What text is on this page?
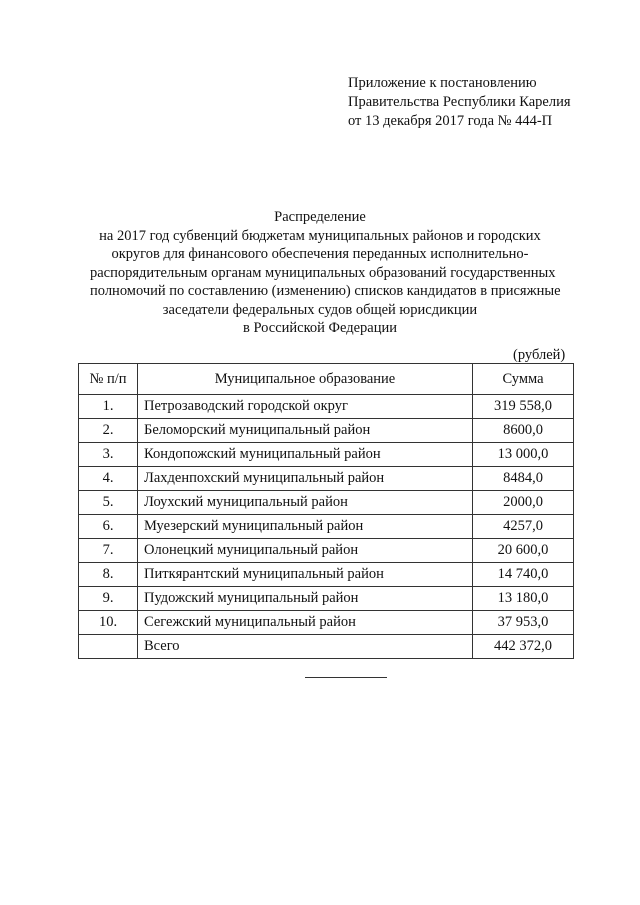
Приложение к постановлению
Правительства Республики Карелия
от 13 декабря 2017 года № 444-П
Распределение
на 2017 год субвенций бюджетам муниципальных районов и городских
округов для финансового обеспечения переданных исполнительно-
распорядительным органам муниципальных образований государственных
полномочий по составлению (изменению) списков кандидатов в присяжные
заседатели федеральных судов общей юрисдикции
в Российской Федерации
(рублей)
№ п/п	Муниципальное образование	Сумма
1.	Петрозаводский городской округ	319 558,0
2.	Беломорский муниципальный район	8600,0
3.	Кондопожский муниципальный район	13 000,0
4.	Лахденпохский муниципальный район	8484,0
5.	Лоухский муниципальный район	2000,0
6.	Муезерский муниципальный район	4257,0
7.	Олонецкий муниципальный район	20 600,0
8.	Питкярантский муниципальный район	14 740,0
9.	Пудожский муниципальный район	13 180,0
10.	Сегежский муниципальный район	37 953,0
	Всего	442 372,0
